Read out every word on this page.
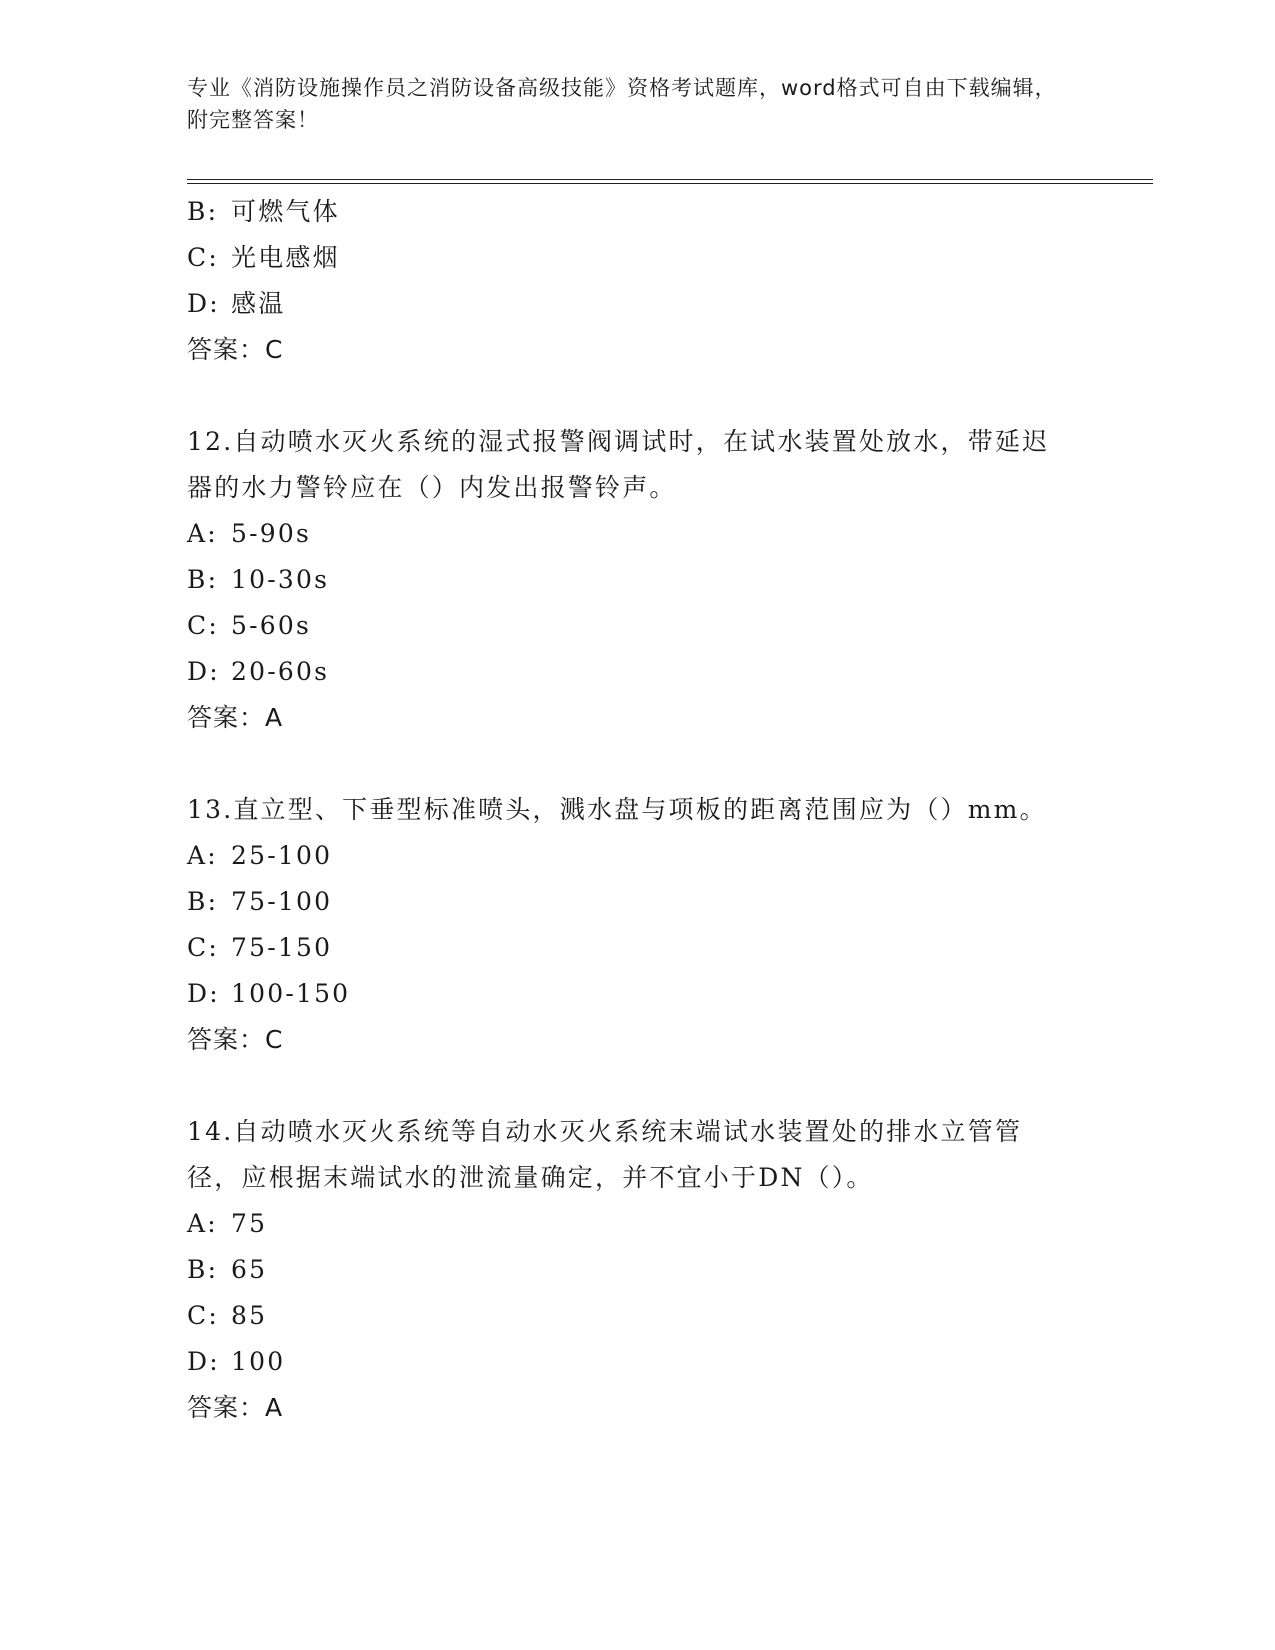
专业《消防设施操作员之消防设备高级技能》资格考试题库，word格式可自由下载编辑，附完整答案！
B: 可燃气体
C: 光电感烟
D: 感温
答案：C
12.自动喷水灭火系统的湿式报警阀调试时，在试水装置处放水，带延迟器的水力警铃应在（）内发出报警铃声。
A: 5-90s
B: 10-30s
C: 5-60s
D: 20-60s
答案：A
13.直立型、下垂型标准喷头，溅水盘与项板的距离范围应为（）mm。
A: 25-100
B: 75-100
C: 75-150
D: 100-150
答案：C
14.自动喷水灭火系统等自动水灭火系统末端试水装置处的排水立管管径，应根据末端试水的泄流量确定，并不宜小于DN（）。
A: 75
B: 65
C: 85
D: 100
答案：A
